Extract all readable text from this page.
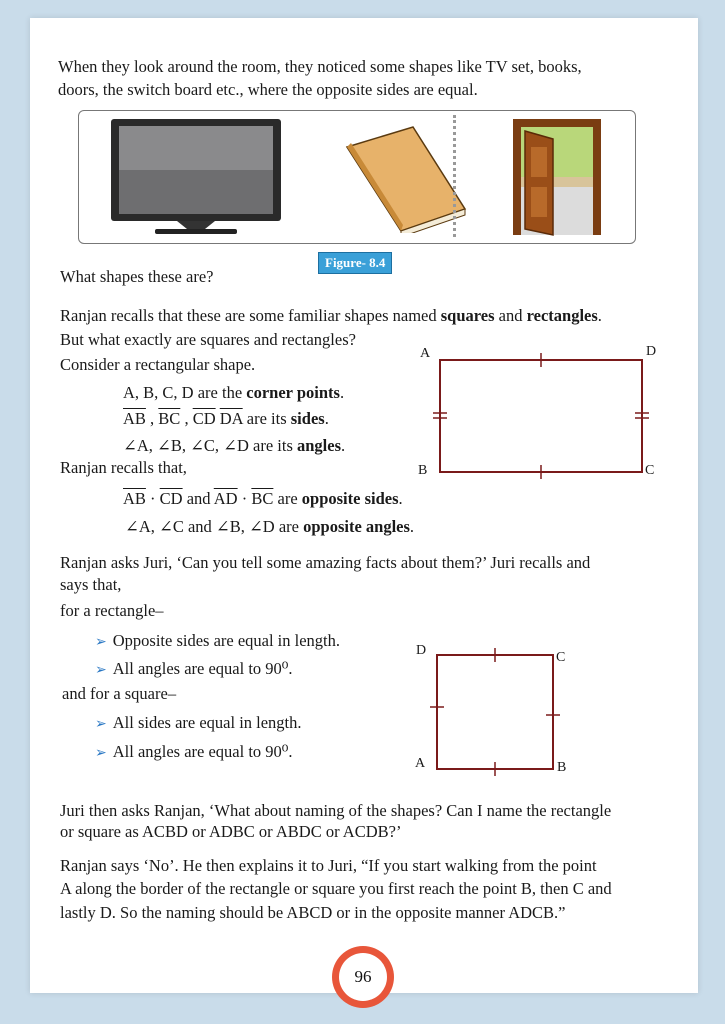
When they look around the room, they noticed some shapes like TV set, books,
doors, the switch board etc., where the opposite sides are equal.
Figure- 8.4
What shapes these are?
Ranjan recalls that these are some familiar shapes named squares and rectangles.
But what exactly are squares and rectangles?
Consider a rectangular shape.
A, B, C, D are the corner points.
$\overline{AB}$ , $\overline{BC}$ , $\overline{CD}$ $\overline{DA}$ are its sides.
∠A, ∠B, ∠C, ∠D are its angles.
Ranjan recalls that,
$\overline{AB} \cdot \overline{CD}$ and $\overline{AD} \cdot \overline{BC}$ are opposite sides.
∠A, ∠C and ∠B, ∠D are opposite angles.
A	D
B	C
Ranjan asks Juri, ‘Can you tell some amazing facts about them?’ Juri recalls and
says that,
for a rectangle–
➢ Opposite sides are equal in length.
➢ All angles are equal to 90⁰.
and for a square–
➢ All sides are equal in length.
➢ All angles are equal to 90⁰.
D	C
A	B
Juri then asks Ranjan, ‘What about naming of the shapes? Can I name the rectangle
or square as ACBD or ADBC or ABDC or ACDB?’
Ranjan says ‘No’. He then explains it to Juri, “If you start walking from the point
A along the border of the rectangle or square you first reach the point B, then C and
lastly D. So the naming should be ABCD or in the opposite manner ADCB.”
96
